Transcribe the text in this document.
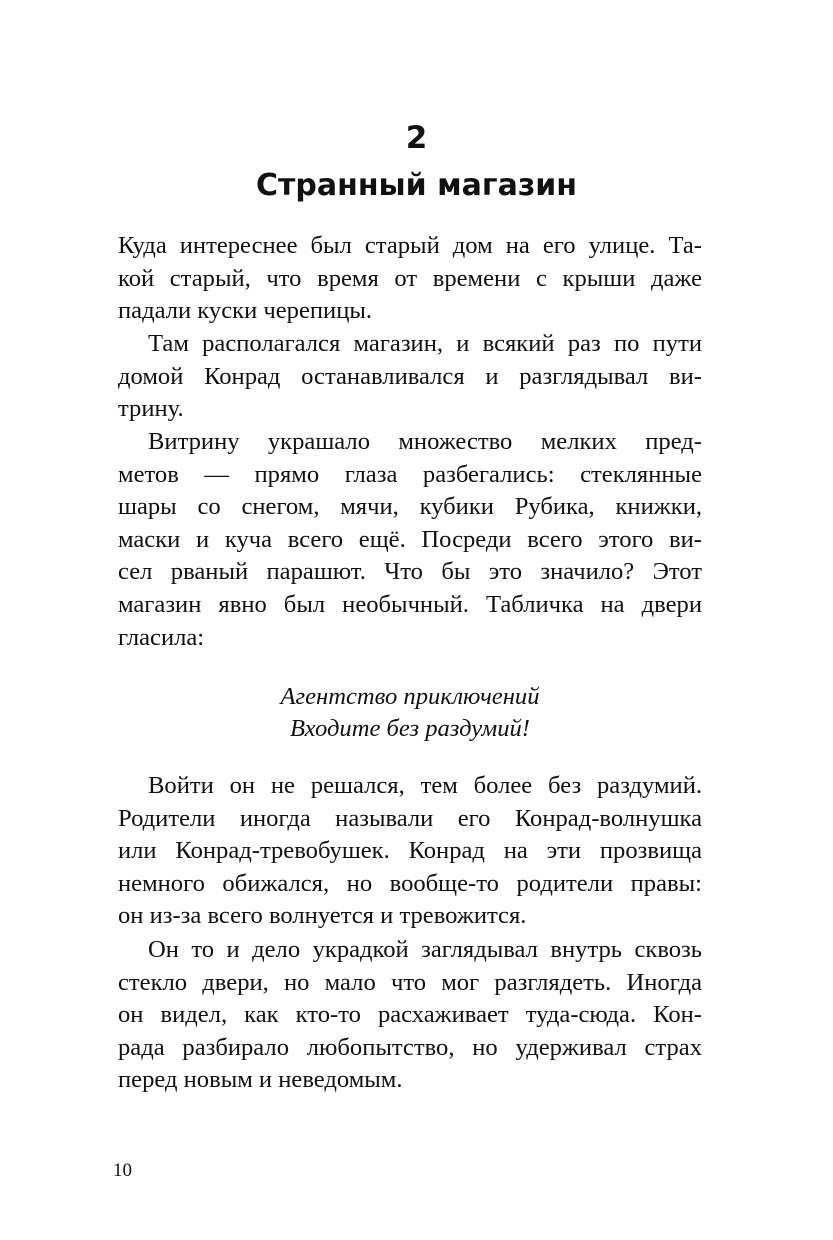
2
Странный магазин
Куда интереснее был старый дом на его улице. Та-
кой старый, что время от времени с крыши даже
падали куски черепицы.
Там располагался магазин, и всякий раз по пути
домой Конрад останавливался и разглядывал ви-
трину.
Витрину украшало множество мелких пред-
метов — прямо глаза разбегались: стеклянные
шары со снегом, мячи, кубики Рубика, книжки,
маски и куча всего ещё. Посреди всего этого ви-
сел рваный парашют. Что бы это значило? Этот
магазин явно был необычный. Табличка на двери
гласила:
Агентство приключений
Входите без раздумий!
Войти он не решался, тем более без раздумий.
Родители иногда называли его Конрад-волнушка
или Конрад-тревобушек. Конрад на эти прозвища
немного обижался, но вообще-то родители правы:
он из-за всего волнуется и тревожится.
Он то и дело украдкой заглядывал внутрь сквозь
стекло двери, но мало что мог разглядеть. Иногда
он видел, как кто-то расхаживает туда-сюда. Кон-
рада разбирало любопытство, но удерживал страх
перед новым и неведомым.
10
